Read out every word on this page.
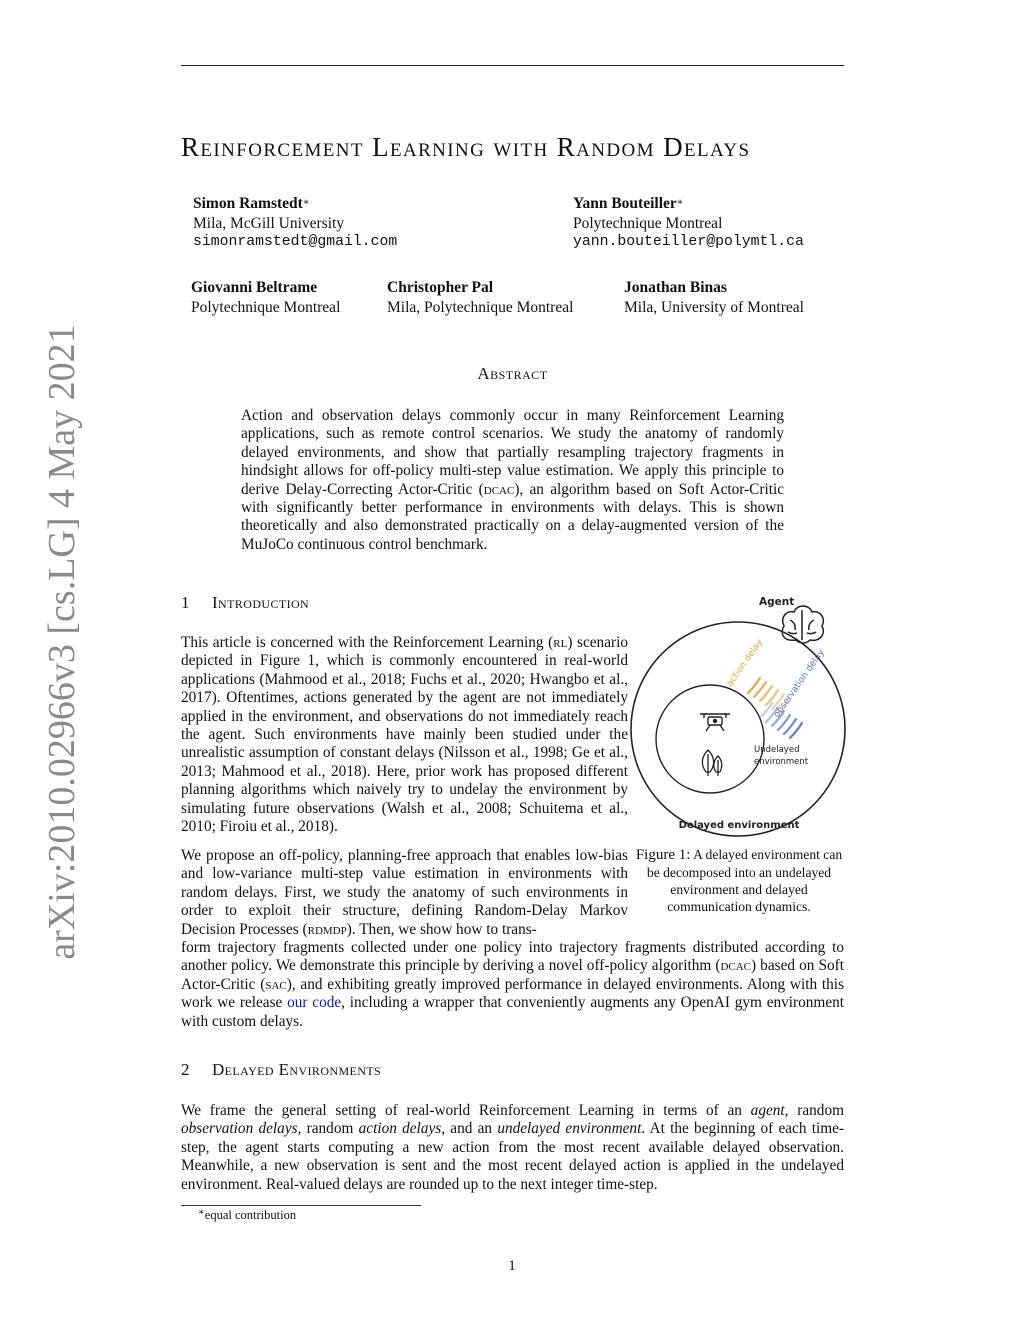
arXiv:2010.02966v3 [cs.LG] 4 May 2021
Reinforcement Learning with Random Delays
Simon Ramstedt∗
Mila, McGill University
simonramstedt@gmail.com
Yann Bouteiller∗
Polytechnique Montreal
yann.bouteiller@polymtl.ca
Giovanni Beltrame
Polytechnique Montreal
Christopher Pal
Mila, Polytechnique Montreal
Jonathan Binas
Mila, University of Montreal
Abstract

Action and observation delays commonly occur in many Reinforcement Learning applications, such as remote control scenarios. We study the anatomy of randomly delayed environments, and show that partially resampling trajectory fragments in hindsight allows for off-policy multi-step value estimation. We apply this principle to derive Delay-Correcting Actor-Critic (dcac), an algorithm based on Soft Actor-Critic with significantly better performance in environments with delays. This is shown theoretically and also demonstrated practically on a delay-augmented version of the MuJoCo continuous control benchmark.

1 Introduction

This article is concerned with the Reinforcement Learning (rl) scenario depicted in Figure 1, which is commonly encountered in real-world applications (Mahmood et al., 2018; Fuchs et al., 2020; Hwangbo et al., 2017). Oftentimes, actions generated by the agent are not immediately applied in the environment, and observations do not immediately reach the agent. Such environments have mainly been studied under the unrealistic assumption of constant delays (Nilsson et al., 1998; Ge et al., 2013; Mahmood et al., 2018). Here, prior work has proposed different planning algorithms which naively try to undelay the environment by simulating future observations (Walsh et al., 2008; Schuitema et al., 2010; Firoiu et al., 2018).

We propose an off-policy, planning-free approach that enables low-bias and low-variance multi-step value estimation in environments with random delays. First, we study the anatomy of such environments in order to exploit their structure, defining Random-Delay Markov Decision Processes (rdmdp). Then, we show how to trans-

form trajectory fragments collected under one policy into trajectory fragments distributed according to another policy. We demonstrate this principle by deriving a novel off-policy algorithm (dcac) based on Soft Actor-Critic (sac), and exhibiting greatly improved performance in delayed environments. Along with this work we release our code, including a wrapper that conveniently augments any OpenAI gym environment with custom delays.

Agent
action delay observation delay
Undelayed
environment
Delayed environment
Figure 1: A delayed environment can be decomposed into an undelayed environment and delayed communication dynamics.
2 Delayed Environments

We frame the general setting of real-world Reinforcement Learning in terms of an agent, random observation delays, random action delays, and an undelayed environment. At the beginning of each time-step, the agent starts computing a new action from the most recent available delayed observation. Meanwhile, a new observation is sent and the most recent delayed action is applied in the undelayed environment. Real-valued delays are rounded up to the next integer time-step.

∗equal contribution
1
